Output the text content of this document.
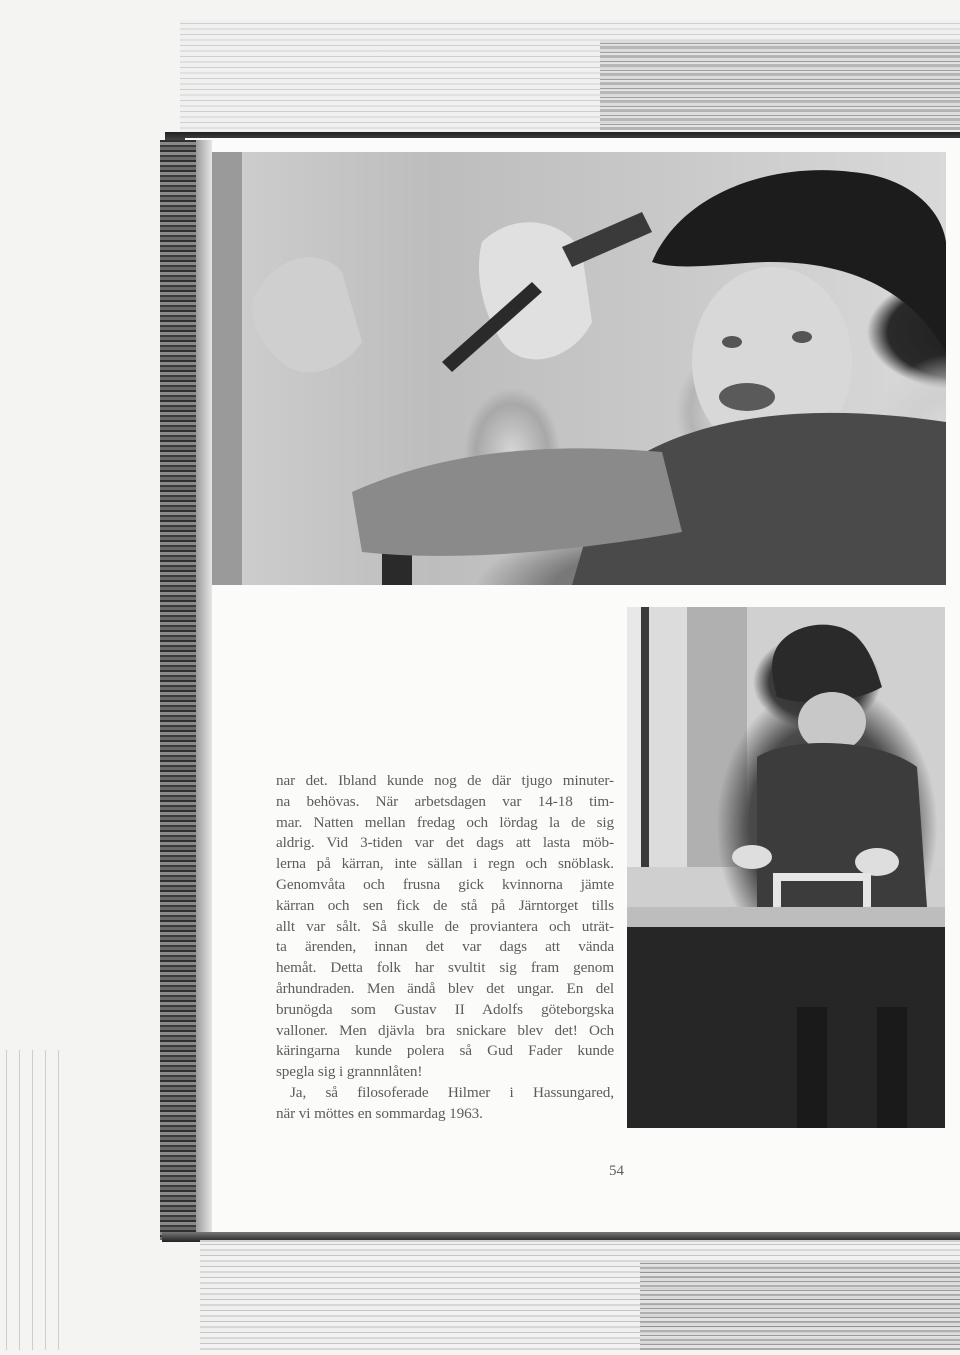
nar det. Ibland kunde nog de där tjugo minuter-
na behövas. När arbetsdagen var 14-18 tim-
mar. Natten mellan fredag och lördag la de sig
aldrig. Vid 3-tiden var det dags att lasta möb-
lerna på kärran, inte sällan i regn och snöblask.
Genomvåta och frusna gick kvinnorna jämte
kärran och sen fick de stå på Järntorget tills
allt var sålt. Så skulle de proviantera och uträt-
ta ärenden, innan det var dags att vända
hemåt. Detta folk har svultit sig fram genom
århundraden. Men ändå blev det ungar. En del
brunögda som Gustav II Adolfs göteborgska
valloner. Men djävla bra snickare blev det! Och
käringarna kunde polera så Gud Fader kunde
spegla sig i grannnlåten!
Ja, så filosoferade Hilmer i Hassungared,
när vi möttes en sommardag 1963.

54
